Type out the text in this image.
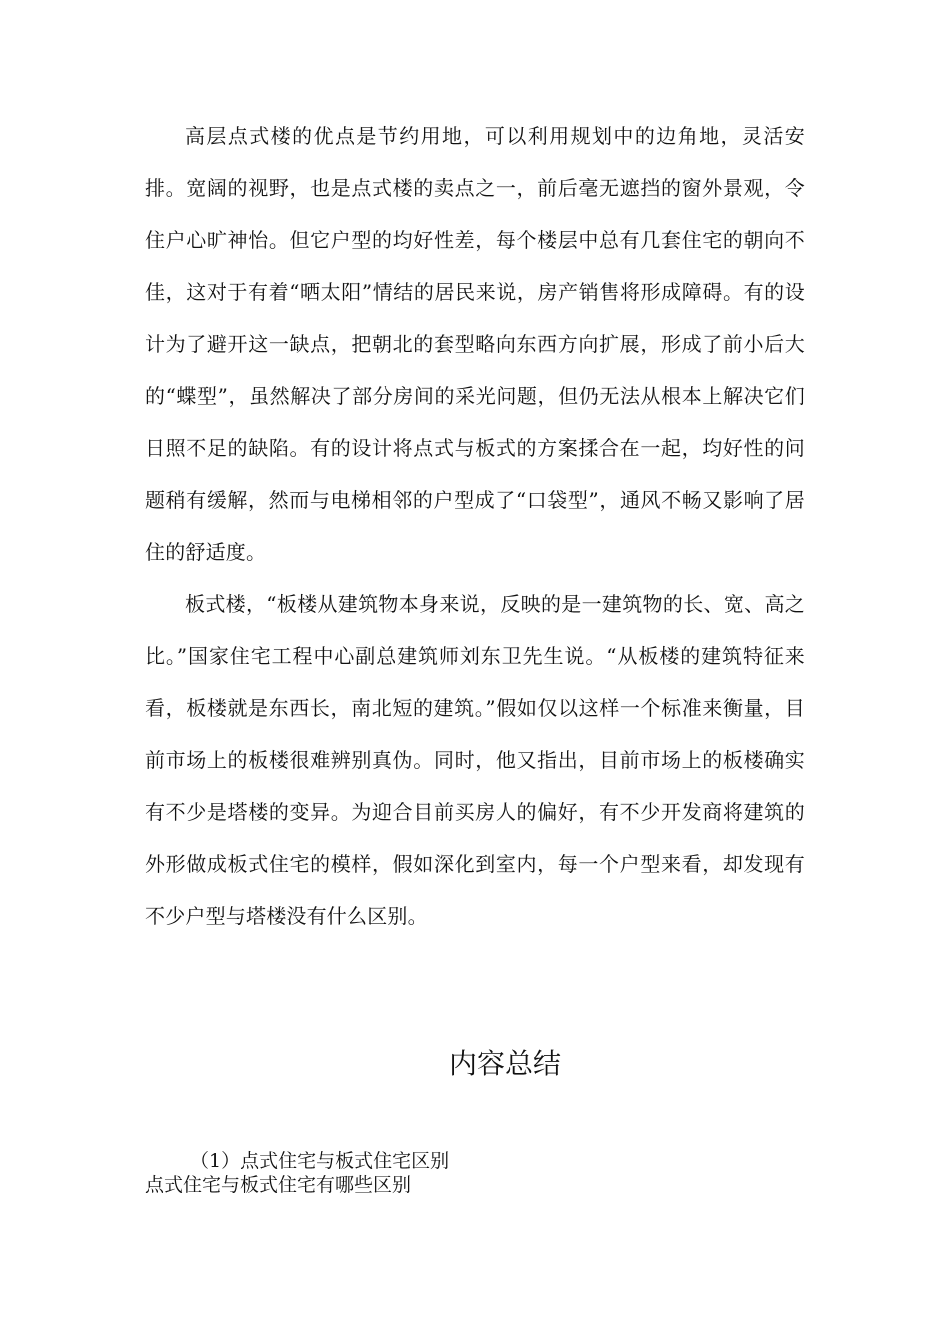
高层点式楼的优点是节约用地，可以利用规划中的边角地，灵活安排。宽阔的视野，也是点式楼的卖点之一，前后毫无遮挡的窗外景观，令住户心旷神怡。但它户型的均好性差，每个楼层中总有几套住宅的朝向不佳，这对于有着“晒太阳”情结的居民来说，房产销售将形成障碍。有的设计为了避开这一缺点，把朝北的套型略向东西方向扩展，形成了前小后大的“蝶型”，虽然解决了部分房间的采光问题，但仍无法从根本上解决它们日照不足的缺陷。有的设计将点式与板式的方案揉合在一起，均好性的问题稍有缓解，然而与电梯相邻的户型成了“口袋型”，通风不畅又影响了居住的舒适度。

板式楼，“板楼从建筑物本身来说，反映的是一建筑物的长、宽、高之比。”国家住宅工程中心副总建筑师刘东卫先生说。“从板楼的建筑特征来看，板楼就是东西长，南北短的建筑。”假如仅以这样一个标准来衡量，目前市场上的板楼很难辨别真伪。同时，他又指出，目前市场上的板楼确实有不少是塔楼的变异。为迎合目前买房人的偏好，有不少开发商将建筑的外形做成板式住宅的模样，假如深化到室内，每一个户型来看，却发现有不少户型与塔楼没有什么区别。

内容总结

（1）点式住宅与板式住宅区别

点式住宅与板式住宅有哪些区别
